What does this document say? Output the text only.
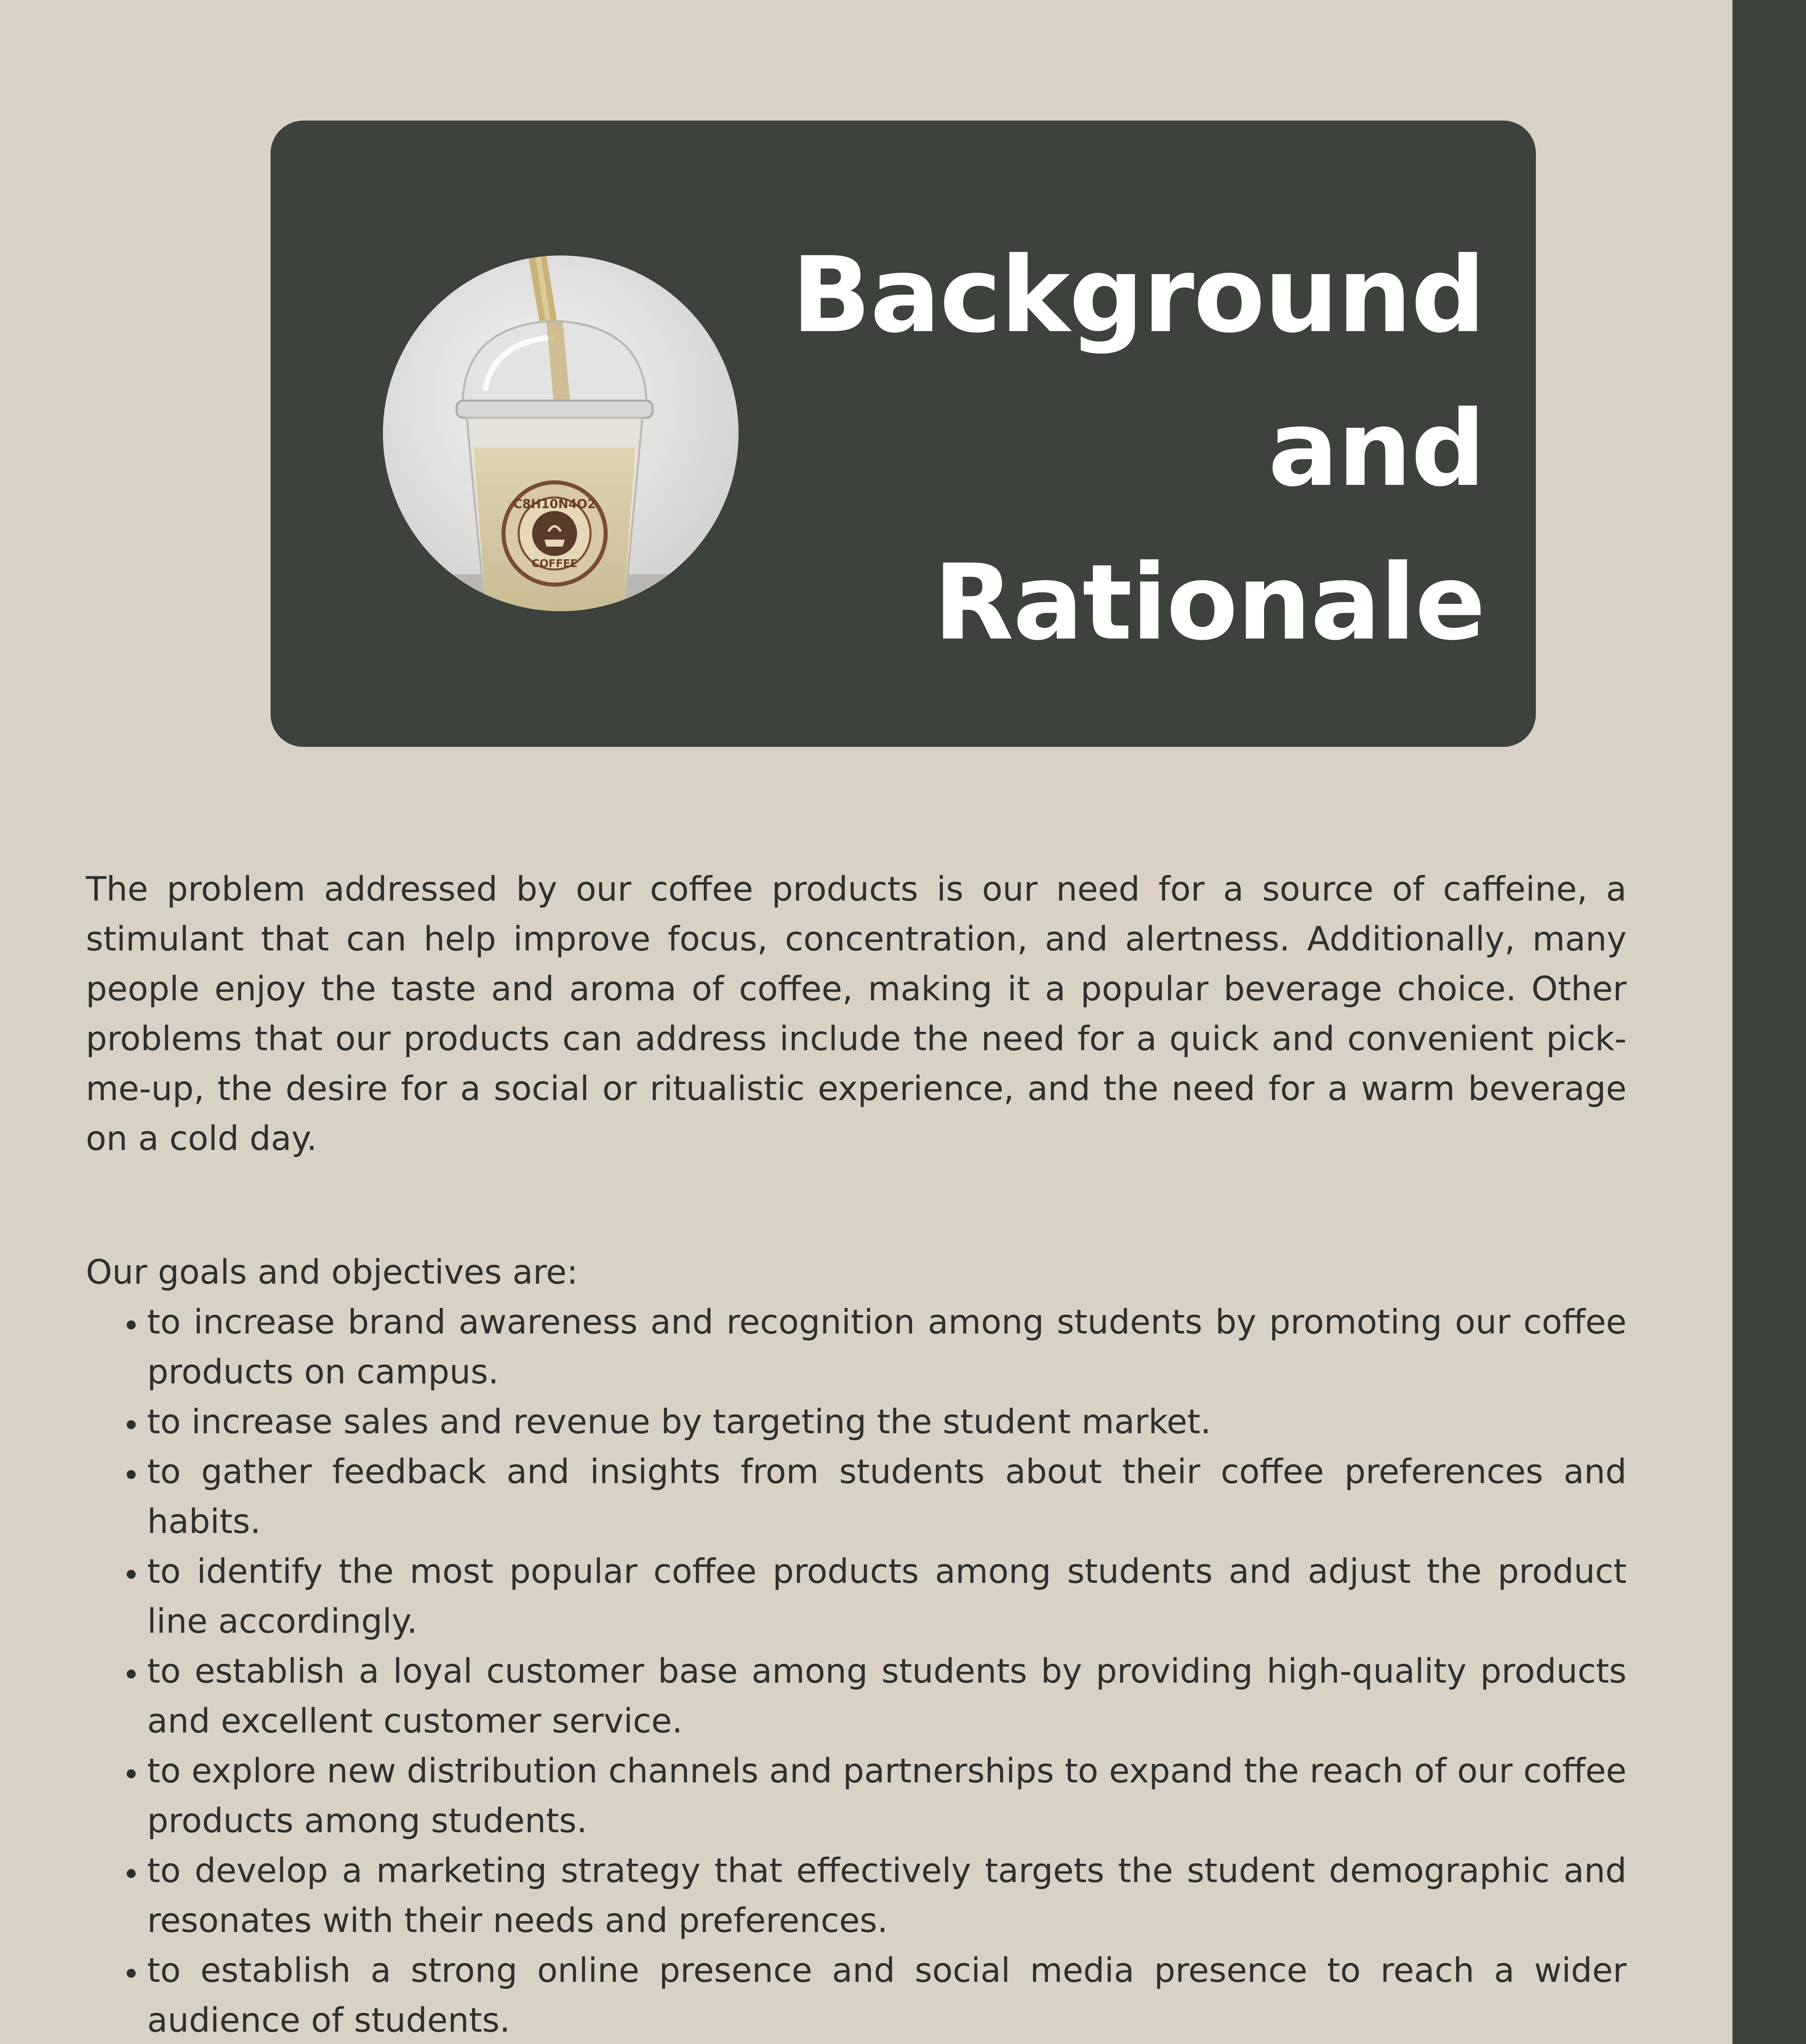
C8H10N4O2
COFFEE
Background
and
Rationale

The problem addressed by our coffee products is our need for a source of caffeine, a stimulant that can help improve focus, concentration, and alertness. Additionally, many people enjoy the taste and aroma of coffee, making it a popular beverage choice. Other problems that our products can address include the need for a quick and convenient pick-me-up, the desire for a social or ritualistic experience, and the need for a warm beverage on a cold day.

Our goals and objectives are:

• to increase brand awareness and recognition among students by promoting our coffee products on campus.
• to increase sales and revenue by targeting the student market.
• to gather feedback and insights from students about their coffee preferences and habits.
• to identify the most popular coffee products among students and adjust the product line accordingly.
• to establish a loyal customer base among students by providing high-quality products and excellent customer service.
• to explore new distribution channels and partnerships to expand the reach of our coffee products among students.
• to develop a marketing strategy that effectively targets the student demographic and resonates with their needs and preferences.
• to establish a strong online presence and social media presence to reach a wider audience of students.
